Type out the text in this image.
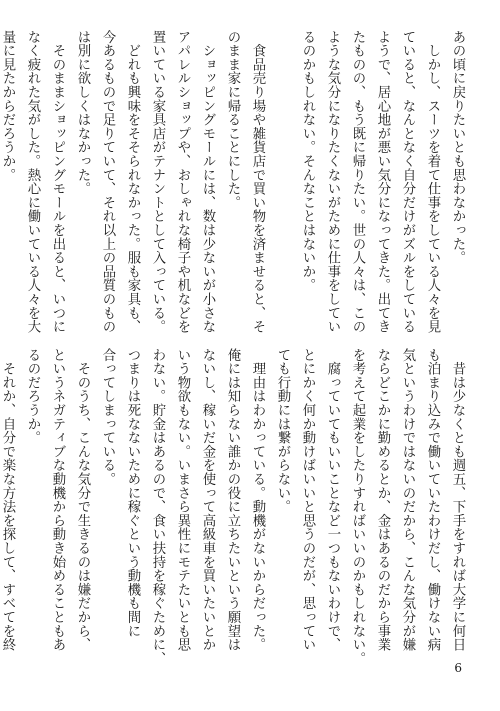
あの頃に戻りたいとも思わなかった。
　しかし、スーツを着て仕事をしている人々を見
ていると、なんとなく自分だけがズルをしている
ようで、居心地が悪い気分になってきた。出てき
たものの、もう既に帰りたい。世の人々は、この
ような気分になりたくないがために仕事をしてい
るのかもしれない。そんなことはないか。

　食品売り場や雑貨店で買い物を済ませると、そ
のまま家に帰ることにした。
　ショッピングモールには、数は少ないが小さな
アパレルショップや、おしゃれな椅子や机などを
置いている家具店がテナントとして入っている。
　どれも興味をそそられなかった。服も家具も、
今あるもので足りていて、それ以上の品質のもの
は別に欲しくはなかった。
　そのままショッピングモールを出ると、いつに
なく疲れた気がした。熱心に働いている人々を大
量に見たからだろうか。
　昔は少なくとも週五、下手をすれば大学に何日
も泊まり込みで働いていたわけだし、働けない病
気というわけではないのだから、こんな気分が嫌
ならどこかに勤めるとか、金はあるのだから事業
を考えて起業をしたりすればいいのかもしれない。
　腐っていてもいいことなど一つもないわけで、
とにかく何か動けばいいと思うのだが、思ってい
ても行動には繋がらない。
　理由はわかっている。動機がないからだった。
俺には知らない誰かの役に立ちたいという願望は
ないし、稼いだ金を使って高級車を買いたいとか
いう物欲もない。いまさら異性にモテたいとも思
わない。貯金はあるので、食い扶持を稼ぐために、
つまりは死なないために稼ぐという動機も間に
合ってしまっている。
　そのうち、こんな気分で生きるのは嫌だから、
というネガティブな動機から動き始めることもあ
るのだろうか。
　それか、自分で楽な方法を探して、すべてを終
6
